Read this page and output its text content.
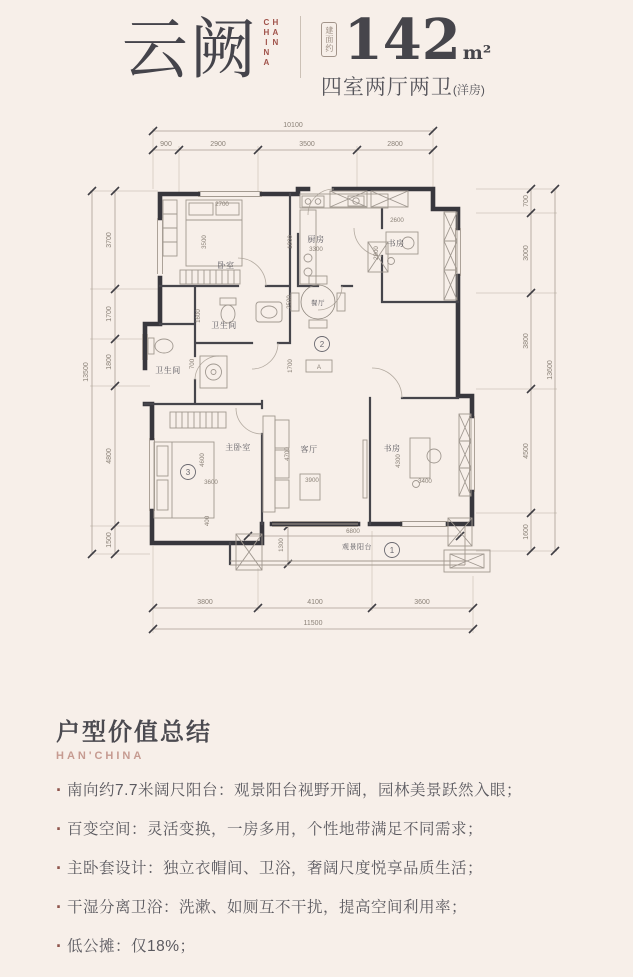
云阙 HAN
CHINA	建面约 142 m²
四室两厅两卫(洋房)
10100
900	2900	3500	2800
3800	4100	3600
11500
13500
3700
1700
1800
4800
1500
700
3000
3800
4500
1600
13600
卧室
2700
3500
卫生间
1600
卫生间
700
厨房
3300
1800	书房
2600
2800
餐厅
2500
1700	A
主卧室
4600
3600
客厅
4700
3900
书房
4300
3400
观景阳台
6800
1300
400
1
2
3
户型价值总结
HAN'CHINA
· 南向约7.7米阔尺阳台：观景阳台视野开阔，园林美景跃然入眼；
· 百变空间：灵活变换，一房多用，个性地带满足不同需求；
· 主卧套设计：独立衣帽间、卫浴，奢阔尺度悦享品质生活；
· 干湿分离卫浴：洗漱、如厕互不干扰，提高空间利用率；
· 低公摊：仅18%；
